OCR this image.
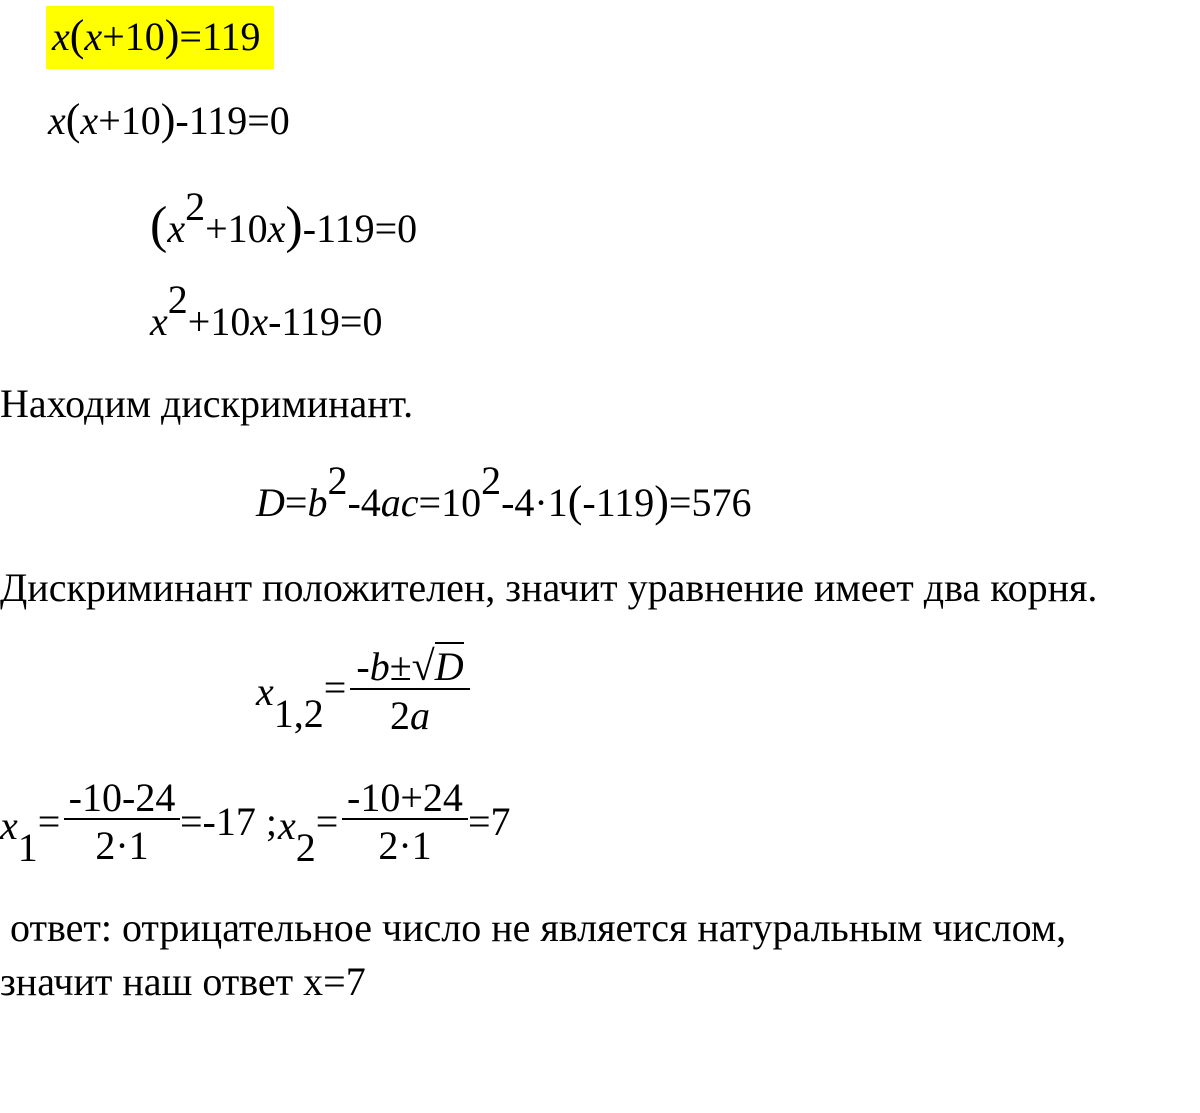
x(x+10)=119
x(x+10)-119=0
(x2+10x)-119=0
x2+10x-119=0
Находим дискриминант.
D=b2-4ac=102-4·1(-119)=576
Дискриминант положителен, значит уравнение имеет два корня.
x1,2= -b±√D
2a
x1=
-10-24
2·1
=-17 ; x2=
-10+24
2·1
=7
ответ: отрицательное число не является натуральным числом,
значит наш ответ x=7
